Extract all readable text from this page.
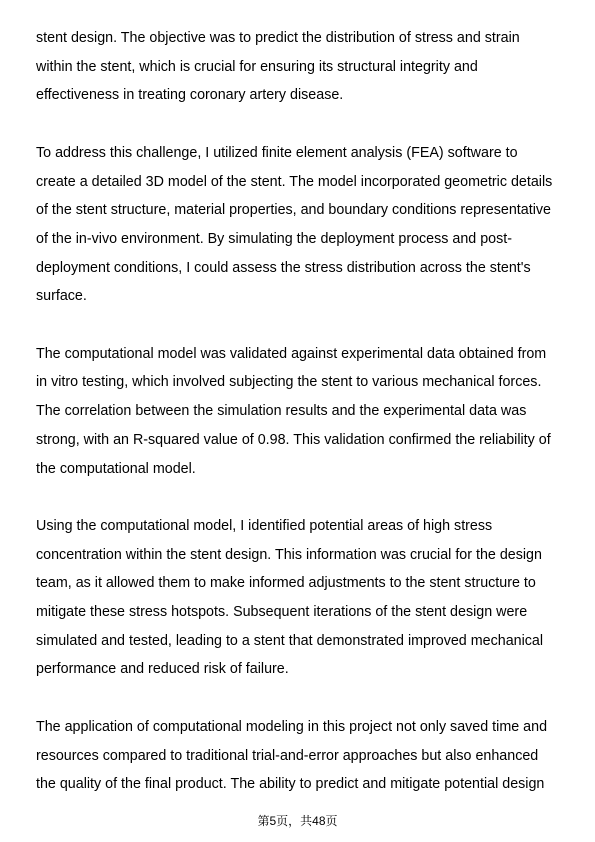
stent design. The objective was to predict the distribution of stress and strain
within the stent, which is crucial for ensuring its structural integrity and
effectiveness in treating coronary artery disease.
To address this challenge, I utilized finite element analysis (FEA) software to
create a detailed 3D model of the stent. The model incorporated geometric details
of the stent structure, material properties, and boundary conditions representative
of the in-vivo environment. By simulating the deployment process and post-
deployment conditions, I could assess the stress distribution across the stent's
surface.
The computational model was validated against experimental data obtained from
in vitro testing, which involved subjecting the stent to various mechanical forces.
The correlation between the simulation results and the experimental data was
strong, with an R-squared value of 0.98. This validation confirmed the reliability of
the computational model.
Using the computational model, I identified potential areas of high stress
concentration within the stent design. This information was crucial for the design
team, as it allowed them to make informed adjustments to the stent structure to
mitigate these stress hotspots. Subsequent iterations of the stent design were
simulated and tested, leading to a stent that demonstrated improved mechanical
performance and reduced risk of failure.
The application of computational modeling in this project not only saved time and
resources compared to traditional trial-and-error approaches but also enhanced
the quality of the final product. The ability to predict and mitigate potential design
第5页，共48页
